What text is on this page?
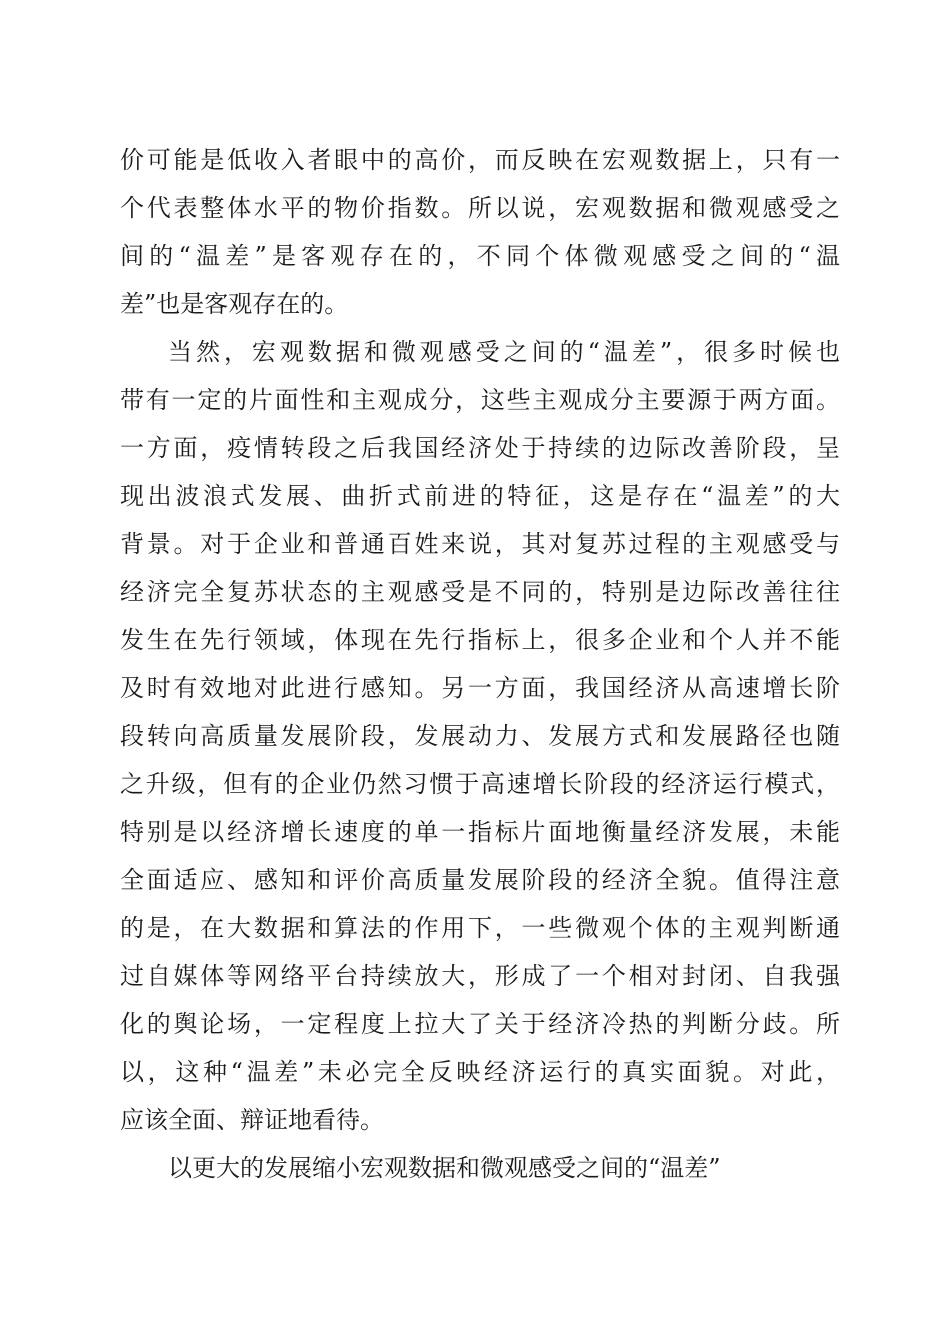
价可能是低收入者眼中的高价，而反映在宏观数据上，只有一
个代表整体水平的物价指数。所以说，宏观数据和微观感受之
间的“温差”是客观存在的，不同个体微观感受之间的“温
差”也是客观存在的。
当然，宏观数据和微观感受之间的“温差”，很多时候也
带有一定的片面性和主观成分，这些主观成分主要源于两方面。
一方面，疫情转段之后我国经济处于持续的边际改善阶段，呈
现出波浪式发展、曲折式前进的特征，这是存在“温差”的大
背景。对于企业和普通百姓来说，其对复苏过程的主观感受与
经济完全复苏状态的主观感受是不同的，特别是边际改善往往
发生在先行领域，体现在先行指标上，很多企业和个人并不能
及时有效地对此进行感知。另一方面，我国经济从高速增长阶
段转向高质量发展阶段，发展动力、发展方式和发展路径也随
之升级，但有的企业仍然习惯于高速增长阶段的经济运行模式，
特别是以经济增长速度的单一指标片面地衡量经济发展，未能
全面适应、感知和评价高质量发展阶段的经济全貌。值得注意
的是，在大数据和算法的作用下，一些微观个体的主观判断通
过自媒体等网络平台持续放大，形成了一个相对封闭、自我强
化的舆论场，一定程度上拉大了关于经济冷热的判断分歧。所
以，这种“温差”未必完全反映经济运行的真实面貌。对此，
应该全面、辩证地看待。
以更大的发展缩小宏观数据和微观感受之间的“温差”
